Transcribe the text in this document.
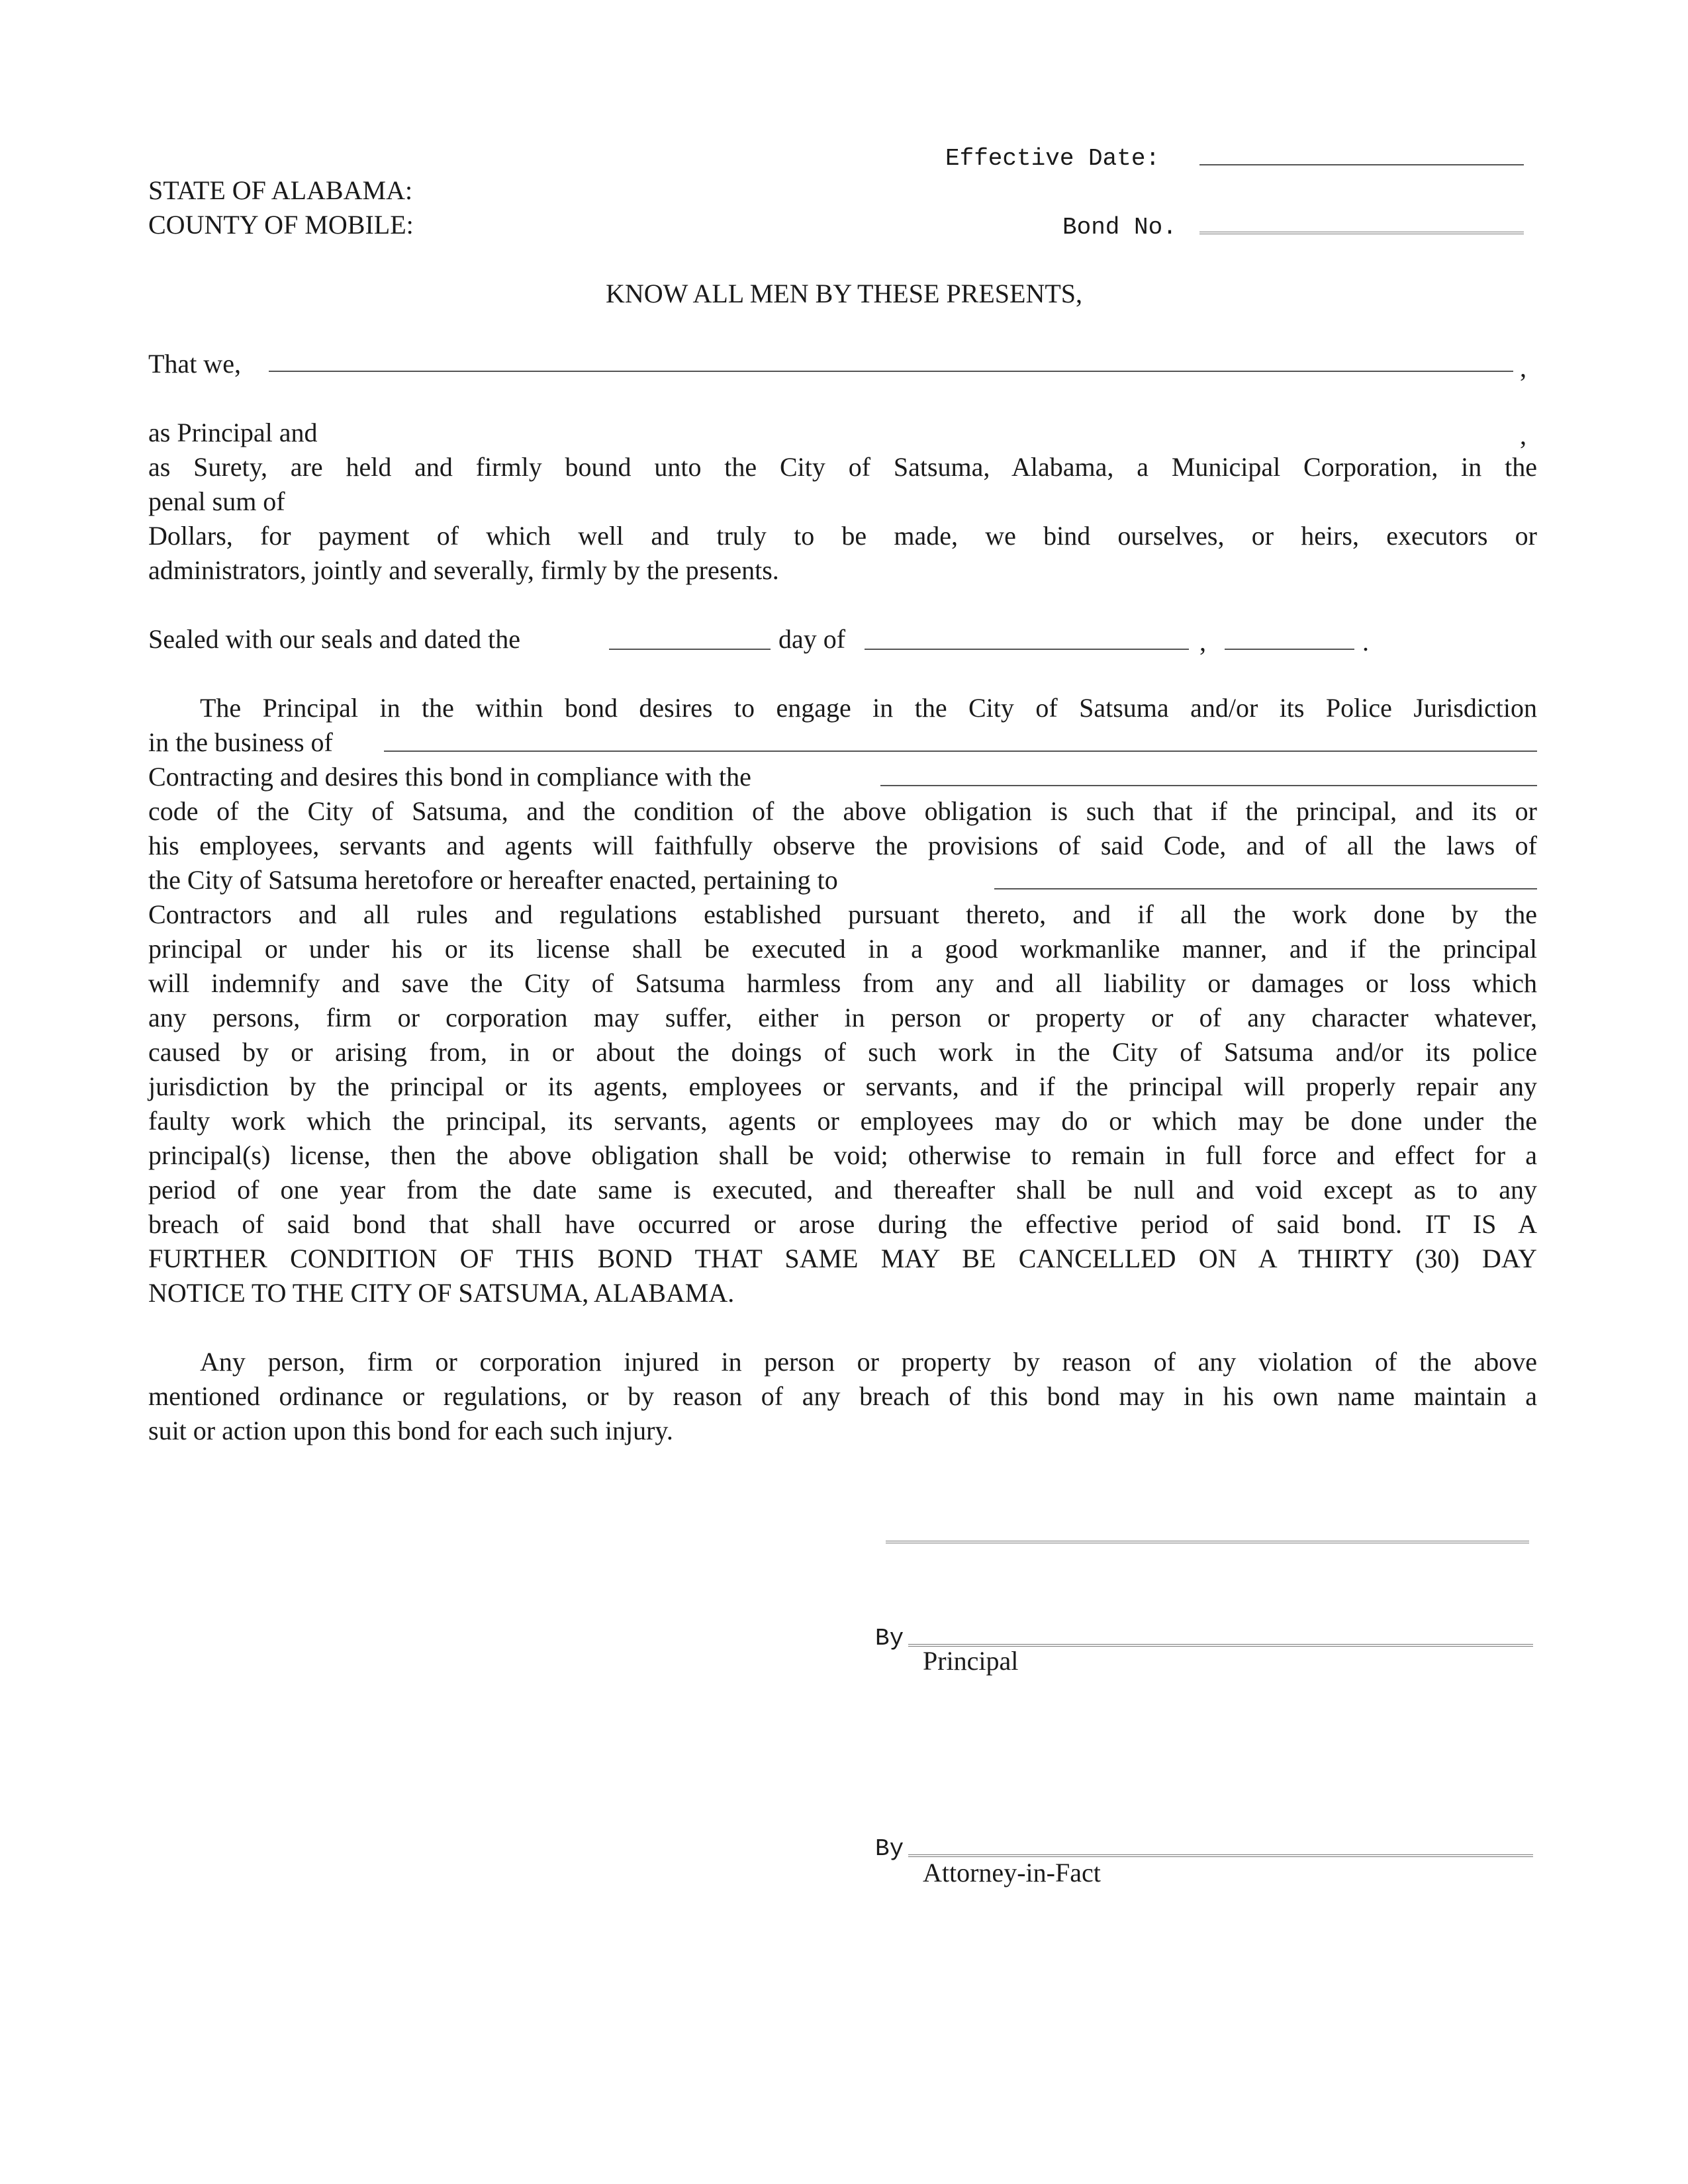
Effective Date:
STATE OF ALABAMA:
COUNTY OF MOBILE:	Bond No.
KNOW ALL MEN BY THESE PRESENTS,
That we,	,
as Principal and	,
as Surety, are held and firmly bound unto the City of Satsuma, Alabama, a Municipal Corporation, in the
penal sum of
Dollars, for payment of which well and truly to be made, we bind ourselves, or heirs, executors or
administrators, jointly and severally, firmly by the presents.
Sealed with our seals and dated the	day of	,	.
The Principal in the within bond desires to engage in the City of Satsuma and/or its Police Jurisdiction
in the business of
Contracting and desires this bond in compliance with the
code of the City of Satsuma, and the condition of the above obligation is such that if the principal, and its or
his employees, servants and agents will faithfully observe the provisions of said Code, and of all the laws of
the City of Satsuma heretofore or hereafter enacted, pertaining to
Contractors and all rules and regulations established pursuant thereto, and if all the work done by the
principal or under his or its license shall be executed in a good workmanlike manner, and if the principal
will indemnify and save the City of Satsuma harmless from any and all liability or damages or loss which
any persons, firm or corporation may suffer, either in person or property or of any character whatever,
caused by or arising from, in or about the doings of such work in the City of Satsuma and/or its police
jurisdiction by the principal or its agents, employees or servants, and if the principal will properly repair any
faulty work which the principal, its servants, agents or employees may do or which may be done under the
principal(s) license, then the above obligation shall be void; otherwise to remain in full force and effect for a
period of one year from the date same is executed, and thereafter shall be null and void except as to any
breach of said bond that shall have occurred or arose during the effective period of said bond. IT IS A
FURTHER CONDITION OF THIS BOND THAT SAME MAY BE CANCELLED ON A THIRTY (30) DAY
NOTICE TO THE CITY OF SATSUMA, ALABAMA.
Any person, firm or corporation injured in person or property by reason of any violation of the above
mentioned ordinance or regulations, or by reason of any breach of this bond may in his own name maintain a
suit or action upon this bond for each such injury.
By
Principal
By
Attorney-in-Fact
